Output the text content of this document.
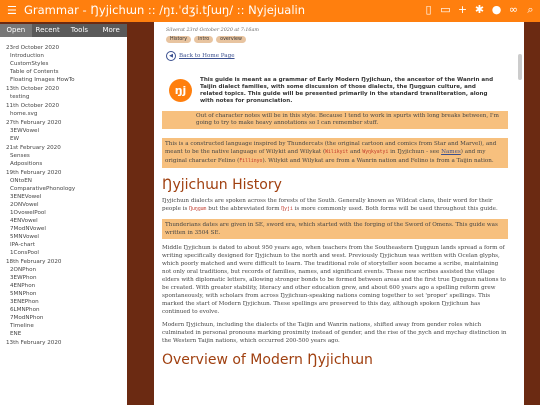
☰ Grammar - Ŋyjichɯn :: /ŋɪ.ˈdʒi.tʃɯŋ/ :: Nyjejualin	▯ ▭ + ✱ ● ∞ ⌕
Open	Recent	Tools	More
23rd October 2020
Introduction
CustomStyles
Table of Contents
Floating Images HowTo
13th October 2020
testing
11th October 2020
home.svg
27th February 2020
3EWVowel
EW
21st February 2020
Senses
Adpositions
19th February 2020
ONtoEN
ComparativePhonology
3ENEVowel
2ONVowel
1OvowelPool
4ENVowel
7ModNVowel
5MNVowel
IPA-chart
1ConsPool
18th February 2020
2ONPhon
3EWPhon
4ENPhon
5MNPhon
3ENEPhon
6LMNPhon
7ModNPhon
Timeline
ENE
13th February 2020
Silverat 23rd October 2020 at 7:16am
History	intro	overview
◀	Back to Home Page
ŋj
This guide is meant as a grammar of Early Modern Ŋyjichɯn, the ancestor of the Wanrin and Taijin dialect families, with some discussion of those dialects, the Ŋuŋgɯn culture, and related topics. This guide will be presented primarily in the standard transliteration, along with notes for pronunciation.
Out of character notes will be in this style. Because I tend to work in spurts with long breaks between, I'm going to try to make heavy annotations so I can remember stuff.
This is a constructed language inspired by Thundercats (the original cartoon and comics from Star and Marvel), and meant to be the native language of Wilykit and Wilykat (Wilikyit and Wyŋkyatyi in Ŋyjichɯn - see Names) and my original character Felino (Fillinyo). Wilykit and Wilykat are from a Wanrin nation and Felino is from a Taijin nation.
Ŋyjichɯn History

Ŋyjichɯn dialects are spoken across the forests of the South. Generally known as Wildcat clans, their word for their people is Ŋuŋgɯn but the abbreviated form Ŋyji is more commonly used. Both forms will be used throughout this guide.

Thunderians dates are given in SE, sword era, which started with the forging of the Sword of Omens. This guide was written in 3504 SE.

Middle Ŋyjichɯn is dated to about 950 years ago, when teachers from the Southeastern Ŋuŋgɯn lands spread a form of writing specifically designed for Ŋyjichɯn to the north and west. Previously Ŋyjichɯn was written with Ocelan glyphs, which poorly matched and were difficult to learn. The traditional role of storyteller soon became a scribe, maintaining not only oral traditions, but records of families, names, and significant events. These new scribes assisted the village elders with diplomatic letters, allowing stronger bonds to be formed between areas and the first true Ŋuŋgɯn nations to be created. With greater stability, literacy and other education grew, and about 600 years ago a spelling reform grew spontaneously, with scholars from across Ŋyjichɯn-speaking nations coming together to set 'proper' spellings. This marked the start of Modern Ŋyjichɯn. These spellings are preserved to this day, although spoken Ŋyjichɯn has continued to evolve.

Modern Ŋyjichɯn, including the dialects of the Taijin and Wanrin nations, shifted away from gender roles which culminated in personal pronouns marking proximity instead of gender, and the rise of the ɲych and mychay distinction in the Western Taijin nations, which occurred 200-500 years ago.

Overview of Modern Ŋyjichɯn
